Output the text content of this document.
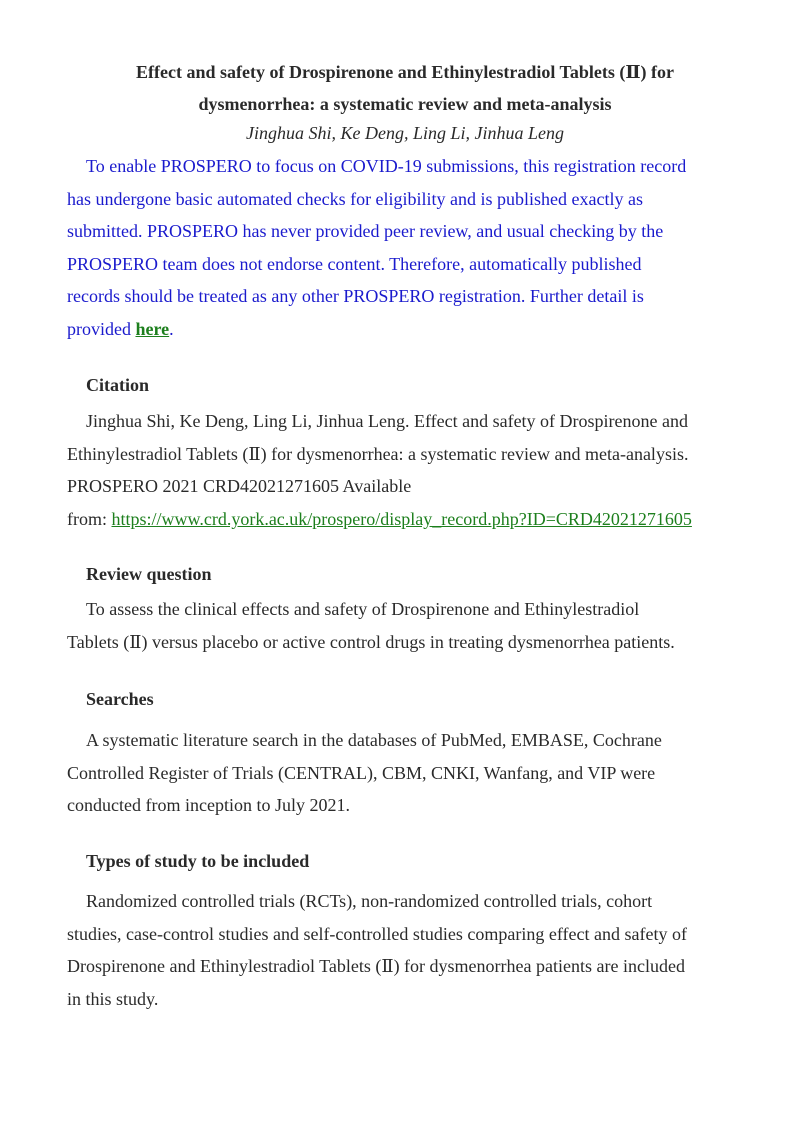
Effect and safety of Drospirenone and Ethinylestradiol Tablets (Ⅱ) for
dysmenorrhea: a systematic review and meta-analysis
Jinghua Shi, Ke Deng, Ling Li, Jinhua Leng
To enable PROSPERO to focus on COVID-19 submissions, this registration record
has undergone basic automated checks for eligibility and is published exactly as
submitted. PROSPERO has never provided peer review, and usual checking by the
PROSPERO team does not endorse content. Therefore, automatically published
records should be treated as any other PROSPERO registration. Further detail is
provided here.
Citation
Jinghua Shi, Ke Deng, Ling Li, Jinhua Leng. Effect and safety of Drospirenone and
Ethinylestradiol Tablets (Ⅱ) for dysmenorrhea: a systematic review and meta-analysis.
PROSPERO 2021 CRD42021271605 Available
from: https://www.crd.york.ac.uk/prospero/display_record.php?ID=CRD42021271605
Review question
To assess the clinical effects and safety of Drospirenone and Ethinylestradiol
Tablets (Ⅱ) versus placebo or active control drugs in treating dysmenorrhea patients.
Searches
A systematic literature search in the databases of PubMed, EMBASE, Cochrane
Controlled Register of Trials (CENTRAL), CBM, CNKI, Wanfang, and VIP were
conducted from inception to July 2021.
Types of study to be included
Randomized controlled trials (RCTs), non-randomized controlled trials, cohort
studies, case-control studies and self-controlled studies comparing effect and safety of
Drospirenone and Ethinylestradiol Tablets (Ⅱ) for dysmenorrhea patients are included
in this study.
